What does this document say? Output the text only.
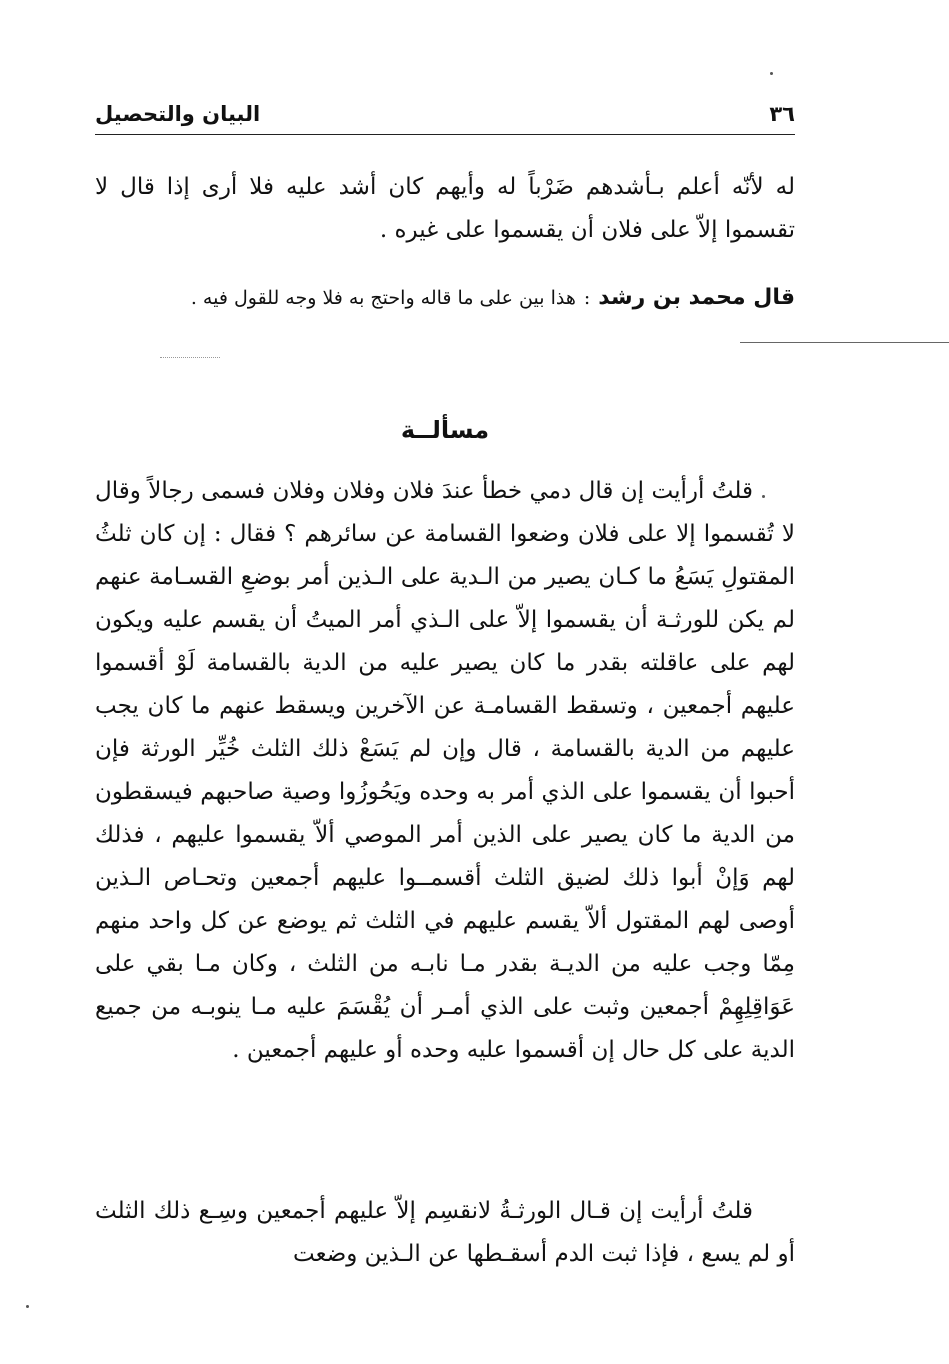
٣٦
البيان والتحصيل

له لأنّه أعلم بـأشدهم ضَرْباً له وأيهم كان أشد عليه فلا أرى إذا قال لا تقسموا إلاّ على فلان أن يقسموا على غيره .

قال محمد بن رشد:هذا بين على ما قاله واحتج به فلا وجه للقول فيه .

مسألــة

قلتُ أرأيت إن قال دمي خطأ عندَ فلان وفلان وفلان فسمى رجالاً وقال لا تُقسموا إلا على فلان وضعوا القسامة عن سائرهم ؟ فقال : إن كان ثلثُ المقتولِ يَسَعُ ما كـان يصير من الـدية على الـذين أمر بوضعِ القسـامة عنهم لم يكن للورثـة أن يقسموا إلاّ على الـذي أمر الميتُ أن يقسم عليه ويكون لهم على عاقلته بقدر ما كان يصير عليه من الدية بالقسامة لَوْ أقسموا عليهم أجمعين ، وتسقط القسامـة عن الآخرين ويسقط عنهم ما كان يجب عليهم من الدية بالقسامة ، قال وإن لم يَسَعْ ذلك الثلث خُيِّر الورثة فإن أحبوا أن يقسموا على الذي أمر به وحده ويَحُوزُوا وصية صاحبهم فيسقطون من الدية ما كان يصير على الذين أمر الموصي ألاّ يقسموا عليهم ، فذلك لهم وَإنْ أبوا ذلك لضيق الثلث أقسمــوا عليهم أجمعين وتحـاص الـذين أوصى لهم المقتول ألاّ يقسم عليهم في الثلث ثم يوضع عن كل واحد منهم مِمّا وجب عليه من الديـة بقدر مـا نابـه من الثلث ، وكان مـا بقي على عَوَاقِلِهِمْ أجمعين وثبت على الذي أمـر أن يُقْسَمَ عليه مـا ينوبـه من جميع الدية على كل حال إن أقسموا عليه وحده أو عليهم أجمعين .

قلتُ أرأيت إن قـال الورثـةُ لانقسِم إلاّ عليهم أجمعين وسِـع ذلك الثلث أو لم يسع ، فإذا ثبت الدم أسقـطها عن الـذين وضعت
